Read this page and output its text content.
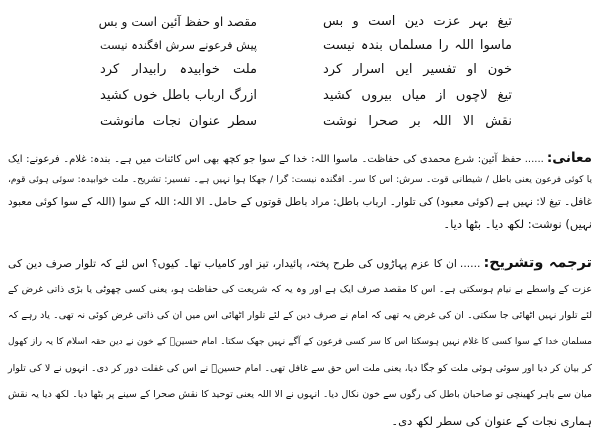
تیغ بہر عزت دین است و بس
مقصد او حفظ آئین است و بس
ماسوا اللہ را مسلماں بندہ نیست
پیش فرعونے سرش افگندہ نیست
خون او تفسیر ایں اسرار کرد
ملت خوابیدہ رابیدار کرد
تیغ لاچوں از میاں بیروں کشید
ازرگ ارباب باطل خوں کشید
نقش الا اللہ بر صحرا نوشت
سطر عنوان نجات مانوشت
معانی:......حفظ آئین: شرع محمدی کی حفاظت۔ ماسوا اللہ: خدا کے سوا جو کچھ بھی اس کائنات میں ہے۔ بندہ: غلام۔ فرعونے: ایک
یا کوئی فرعون یعنی باطل / شیطانی قوت۔ سرش: اس کا سر۔ افگندہ نیست: گرا / جھکا ہوا نہیں ہے۔ تفسیر: تشریح۔ ملت خوابیدہ: سوئی ہوئی قوم،
غافل۔ تیغ لا: نہیں ہے (کوئی معبود) کی تلوار۔ ارباب باطل: مراد باطل قوتوں کے حامل۔ الا اللہ: اللہ کے سوا (اللہ کے سوا کوئی معبود
نہیں) نوشت: لکھ دیا۔ بٹھا دیا۔
ترجمہ وتشریح:......ان کا عزم پہاڑوں کی طرح پختہ، پائیدار، تیز اور کامیاب تھا۔ کیوں؟ اس لئے کہ تلوار صرف دین کی
عزت کے واسطے بے نیام ہوسکتی ہے۔ اس کا مقصد صرف ایک ہے اور وہ یہ کہ شریعت کی حفاظت ہو، یعنی کسی چھوٹی یا بڑی ذاتی غرض کے
لئے تلوار نہیں اٹھائی جا سکتی۔ ان کی غرض یہ تھی کہ امام نے صرف دین کے لئے تلوار اٹھائی اس میں ان کی ذاتی غرض کوئی نہ تھی۔ یاد رہے کہ
مسلمان خدا کے سوا کسی کا غلام نہیں ہوسکتا اس کا سر کسی فرعون کے آگے نہیں جھک سکتا۔ امام حسینؓ کے خون نے دین حقہ اسلام کا یہ راز کھول
کر بیان کر دیا اور سوئی ہوئی ملت کو جگا دیا، یعنی ملت اس حق سے غافل تھی۔ امام حسینؓ نے اس کی غفلت دور کر دی۔ انہوں نے لا کی تلوار
میان سے باہر کھینچی تو صاحبان باطل کی رگوں سے خون نکال دیا۔ انہوں نے الا اللہ یعنی توحید کا نقش صحرا کے سینے پر بٹھا دیا۔ لکھ دیا یہ نقش
ہماری نجات کے عنوان کی سطر لکھ دی۔
